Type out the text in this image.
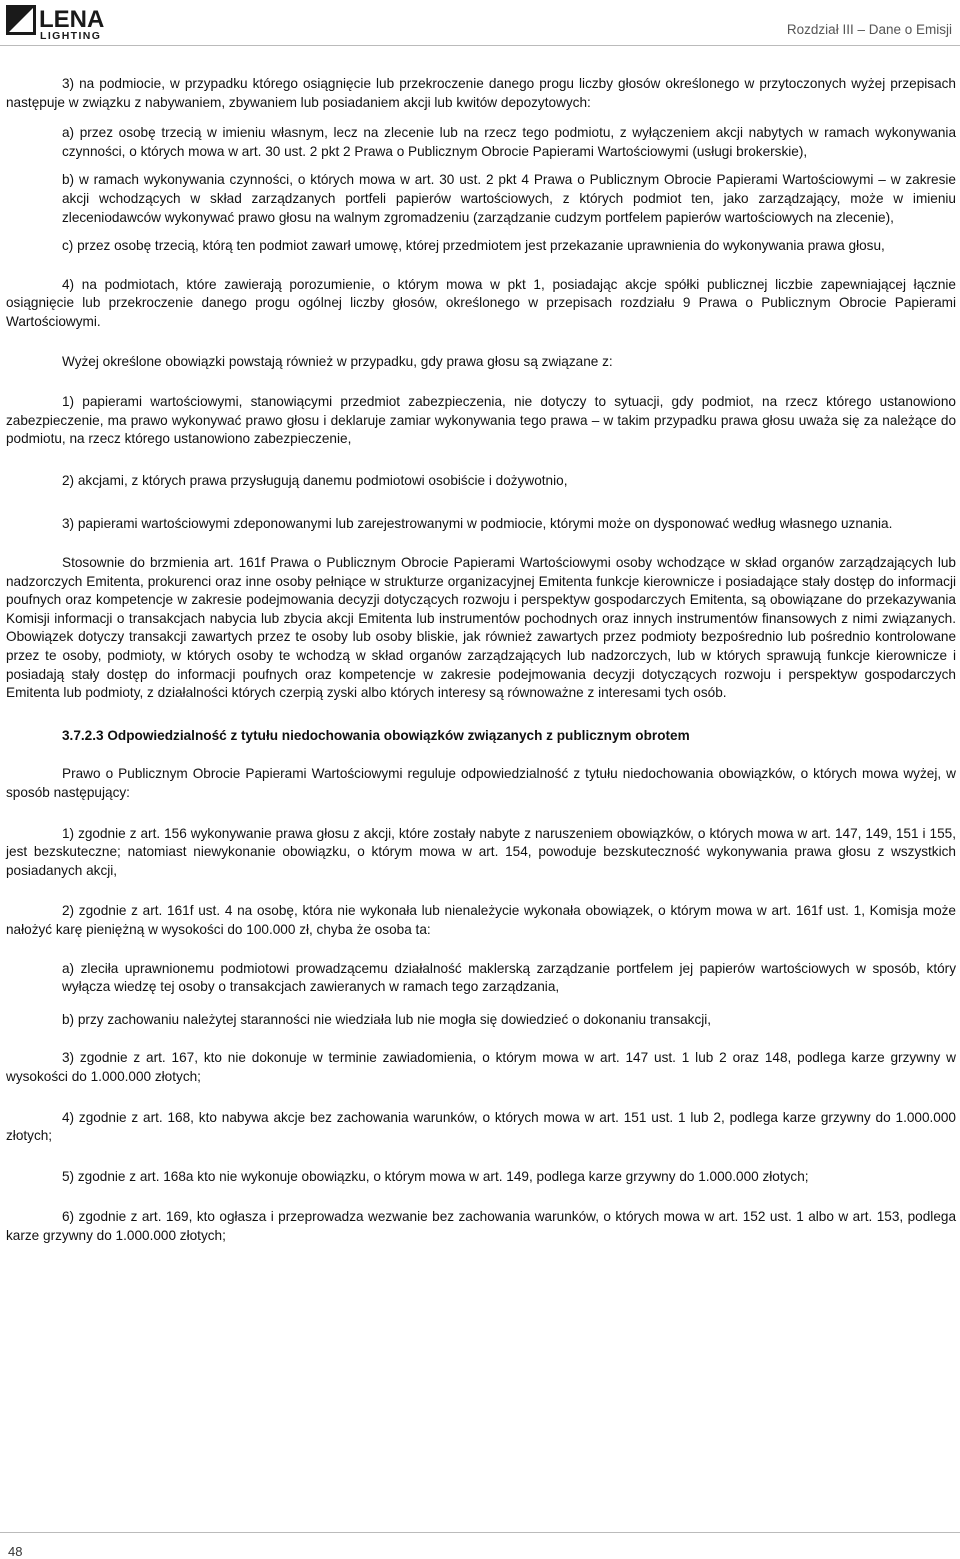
LENA
LIGHTING	Rozdział III – Dane o Emisji

3) na podmiocie, w przypadku którego osiągnięcie lub przekroczenie danego progu liczby głosów określonego w przytoczonych wyżej przepisach następuje w związku z nabywaniem, zbywaniem lub posiadaniem akcji lub kwitów depozytowych:

a) przez osobę trzecią w imieniu własnym, lecz na zlecenie lub na rzecz tego podmiotu, z wyłączeniem akcji nabytych w ramach wykonywania czynności, o których mowa w art. 30 ust. 2 pkt 2 Prawa o Publicznym Obrocie Papierami Wartościowymi (usługi brokerskie),

b) w ramach wykonywania czynności, o których mowa w art. 30 ust. 2 pkt 4 Prawa o Publicznym Obrocie Papierami Wartościowymi – w zakresie akcji wchodzących w skład zarządzanych portfeli papierów wartościowych, z których podmiot ten, jako zarządzający, może w imieniu zleceniodawców wykonywać prawo głosu na walnym zgromadzeniu (zarządzanie cudzym portfelem papierów wartościowych na zlecenie),

c) przez osobę trzecią, którą ten podmiot zawarł umowę, której przedmiotem jest przekazanie uprawnienia do wykonywania prawa głosu,

4) na podmiotach, które zawierają porozumienie, o którym mowa w pkt 1, posiadając akcje spółki publicznej liczbie zapewniającej łącznie osiągnięcie lub przekroczenie danego progu ogólnej liczby głosów, określonego w przepisach rozdziału 9 Prawa o Publicznym Obrocie Papierami Wartościowymi.

Wyżej określone obowiązki powstają również w przypadku, gdy prawa głosu są związane z:

1) papierami wartościowymi, stanowiącymi przedmiot zabezpieczenia, nie dotyczy to sytuacji, gdy podmiot, na rzecz którego ustanowiono zabezpieczenie, ma prawo wykonywać prawo głosu i deklaruje zamiar wykonywania tego prawa – w takim przypadku prawa głosu uważa się za należące do podmiotu, na rzecz którego ustanowiono zabezpieczenie,

2) akcjami, z których prawa przysługują danemu podmiotowi osobiście i dożywotnio,

3) papierami wartościowymi zdeponowanymi lub zarejestrowanymi w podmiocie, którymi może on dysponować według własnego uznania.

Stosownie do brzmienia art. 161f Prawa o Publicznym Obrocie Papierami Wartościowymi osoby wchodzące w skład organów zarządzających lub nadzorczych Emitenta, prokurenci oraz inne osoby pełniące w strukturze organizacyjnej Emitenta funkcje kierownicze i posiadające stały dostęp do informacji poufnych oraz kompetencje w zakresie podejmowania decyzji dotyczących rozwoju i perspektyw gospodarczych Emitenta, są obowiązane do przekazywania Komisji informacji o transakcjach nabycia lub zbycia akcji Emitenta lub instrumentów pochodnych oraz innych instrumentów finansowych z nimi związanych. Obowiązek dotyczy transakcji zawartych przez te osoby lub osoby bliskie, jak również zawartych przez podmioty bezpośrednio lub pośrednio kontrolowane przez te osoby, podmioty, w których osoby te wchodzą w skład organów zarządzających lub nadzorczych, lub w których sprawują funkcje kierownicze i posiadają stały dostęp do informacji poufnych oraz kompetencje w zakresie podejmowania decyzji dotyczących rozwoju i perspektyw gospodarczych Emitenta lub podmioty, z działalności których czerpią zyski albo których interesy są równoważne z interesami tych osób.

3.7.2.3 Odpowiedzialność z tytułu niedochowania obowiązków związanych z publicznym obrotem

Prawo o Publicznym Obrocie Papierami Wartościowymi reguluje odpowiedzialność z tytułu niedochowania obowiązków, o których mowa wyżej, w sposób następujący:

1) zgodnie z art. 156 wykonywanie prawa głosu z akcji, które zostały nabyte z naruszeniem obowiązków, o których mowa w art. 147, 149, 151 i 155, jest bezskuteczne; natomiast niewykonanie obowiązku, o którym mowa w art. 154, powoduje bezskuteczność wykonywania prawa głosu z wszystkich posiadanych akcji,

2) zgodnie z art. 161f ust. 4 na osobę, która nie wykonała lub nienależycie wykonała obowiązek, o którym mowa w art. 161f ust. 1, Komisja może nałożyć karę pieniężną w wysokości do 100.000 zł, chyba że osoba ta:

a) zleciła uprawnionemu podmiotowi prowadzącemu działalność maklerską zarządzanie portfelem jej papierów wartościowych w sposób, który wyłącza wiedzę tej osoby o transakcjach zawieranych w ramach tego zarządzania,

b) przy zachowaniu należytej staranności nie wiedziała lub nie mogła się dowiedzieć o dokonaniu transakcji,

3) zgodnie z art. 167, kto nie dokonuje w terminie zawiadomienia, o którym mowa w art. 147 ust. 1 lub 2 oraz 148, podlega karze grzywny w wysokości do 1.000.000 złotych;

4) zgodnie z art. 168, kto nabywa akcje bez zachowania warunków, o których mowa w art. 151 ust. 1 lub 2, podlega karze grzywny do 1.000.000 złotych;

5) zgodnie z art. 168a kto nie wykonuje obowiązku, o którym mowa w art. 149, podlega karze grzywny do 1.000.000 złotych;

6) zgodnie z art. 169, kto ogłasza i przeprowadza wezwanie bez zachowania warunków, o których mowa w art. 152 ust. 1 albo w art. 153, podlega karze grzywny do 1.000.000 złotych;

48
